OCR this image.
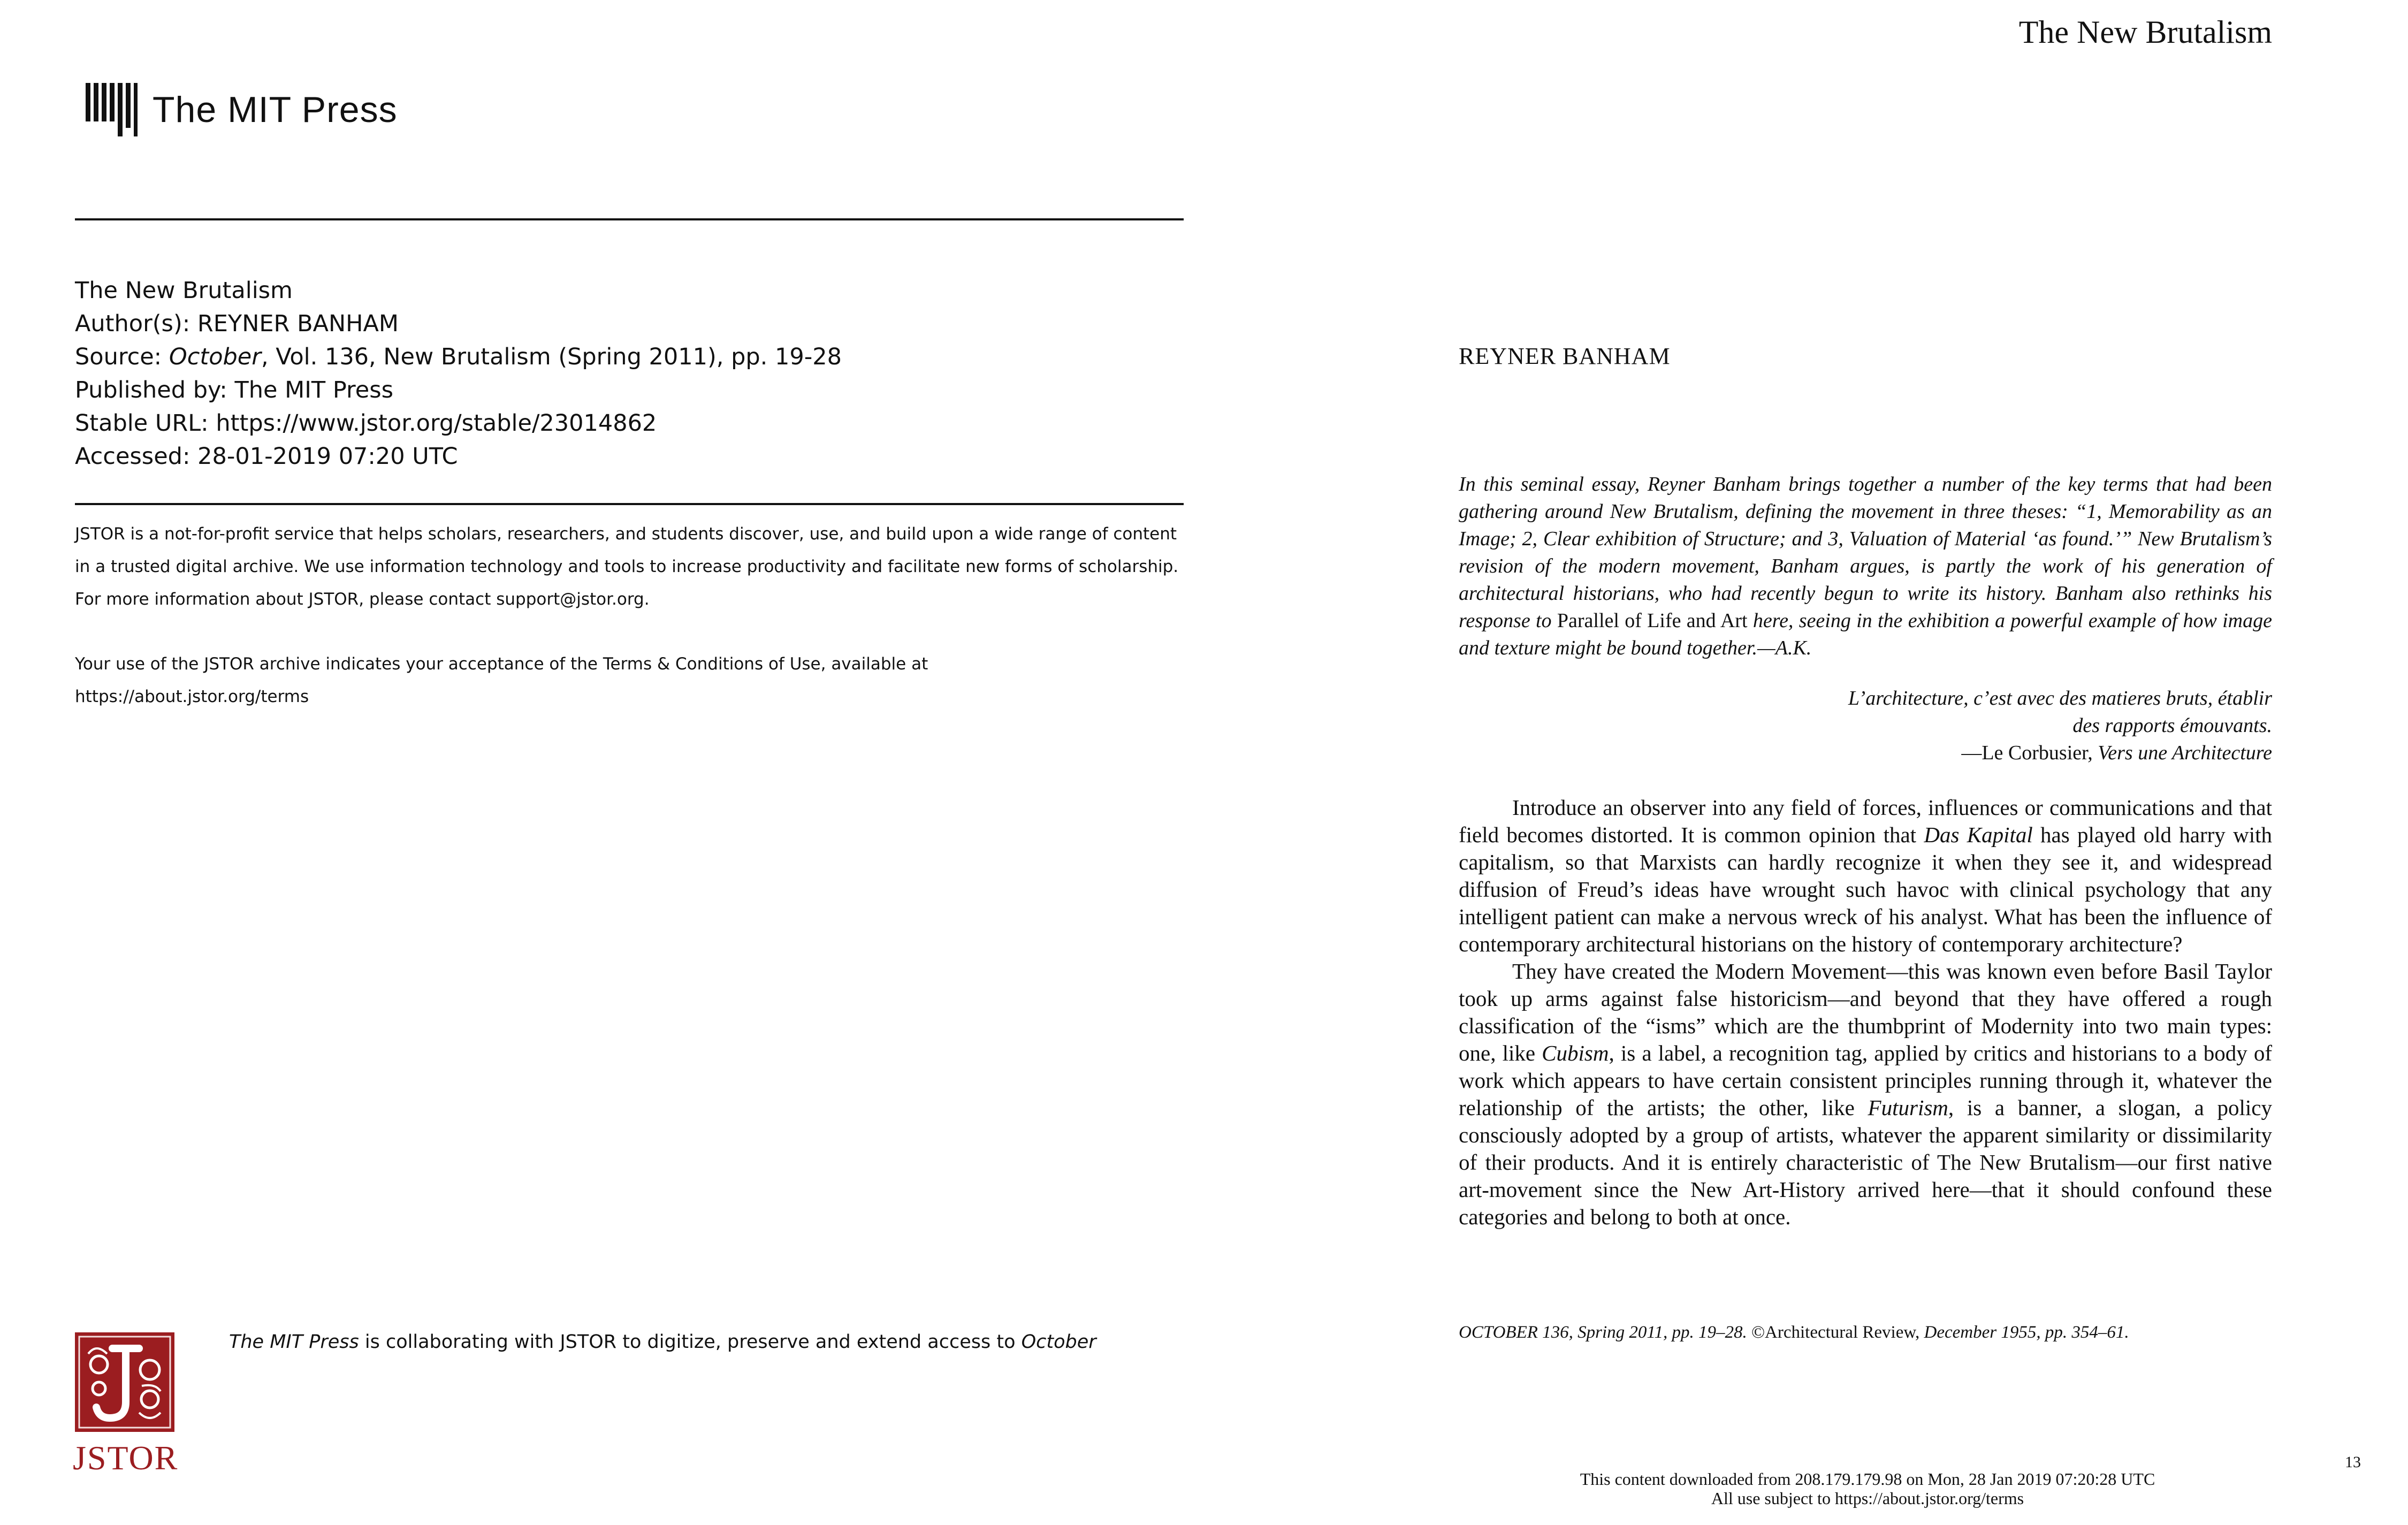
The MIT Press
The New Brutalism
Author(s): REYNER BANHAM
Source: October, Vol. 136, New Brutalism (Spring 2011), pp. 19-28
Published by: The MIT Press
Stable URL: https://www.jstor.org/stable/23014862
Accessed: 28-01-2019 07:20 UTC

JSTOR is a not-for-profit service that helps scholars, researchers, and students discover, use, and build upon a wide range of content in a trusted digital archive. We use information technology and tools to increase productivity and facilitate new forms of scholarship. For more information about JSTOR, please contact support@jstor.org.

Your use of the JSTOR archive indicates your acceptance of the Terms & Conditions of Use, available at
https://about.jstor.org/terms

JSTOR
The MIT Press is collaborating with JSTOR to digitize, preserve and extend access to October
The New Brutalism
REYNER BANHAM
In this seminal essay, Reyner Banham brings together a number of the key terms that had been gathering around New Brutalism, defining the movement in three theses: “1, Memorability as an Image; 2, Clear exhibition of Structure; and 3, Valuation of Material ‘as found.’” New Brutalism’s revision of the modern movement, Banham argues, is partly the work of his generation of architectural historians, who had recently begun to write its history. Banham also rethinks his response to Parallel of Life and Art here, seeing in the exhibition a powerful example of how image and texture might be bound together.—A.K.
L’architecture, c’est avec des matieres bruts, établir
des rapports émouvants.
—Le Corbusier, Vers une Architecture

Introduce an observer into any field of forces, influences or communications and that field becomes distorted. It is common opinion that Das Kapital has played old harry with capitalism, so that Marxists can hardly recognize it when they see it, and widespread diffusion of Freud’s ideas have wrought such havoc with clinical psychology that any intelligent patient can make a nervous wreck of his analyst. What has been the influence of contemporary architectural historians on the history of contemporary architecture?

They have created the Modern Movement—this was known even before Basil Taylor took up arms against false historicism—and beyond that they have offered a rough classification of the “isms” which are the thumbprint of Modernity into two main types: one, like Cubism, is a label, a recognition tag, applied by critics and historians to a body of work which appears to have certain consistent principles running through it, whatever the relationship of the artists; the other, like Futurism, is a banner, a slogan, a policy consciously adopted by a group of artists, whatever the apparent similarity or dissimilarity of their products. And it is entirely characteristic of The New Brutalism—our first native art-movement since the New Art-History arrived here—that it should confound these categories and belong to both at once.

OCTOBER 136, Spring 2011, pp. 19–28. ©Architectural Review, December 1955, pp. 354–61.
This content downloaded from 208.179.179.98 on Mon, 28 Jan 2019 07:20:28 UTC
All use subject to https://about.jstor.org/terms
13
